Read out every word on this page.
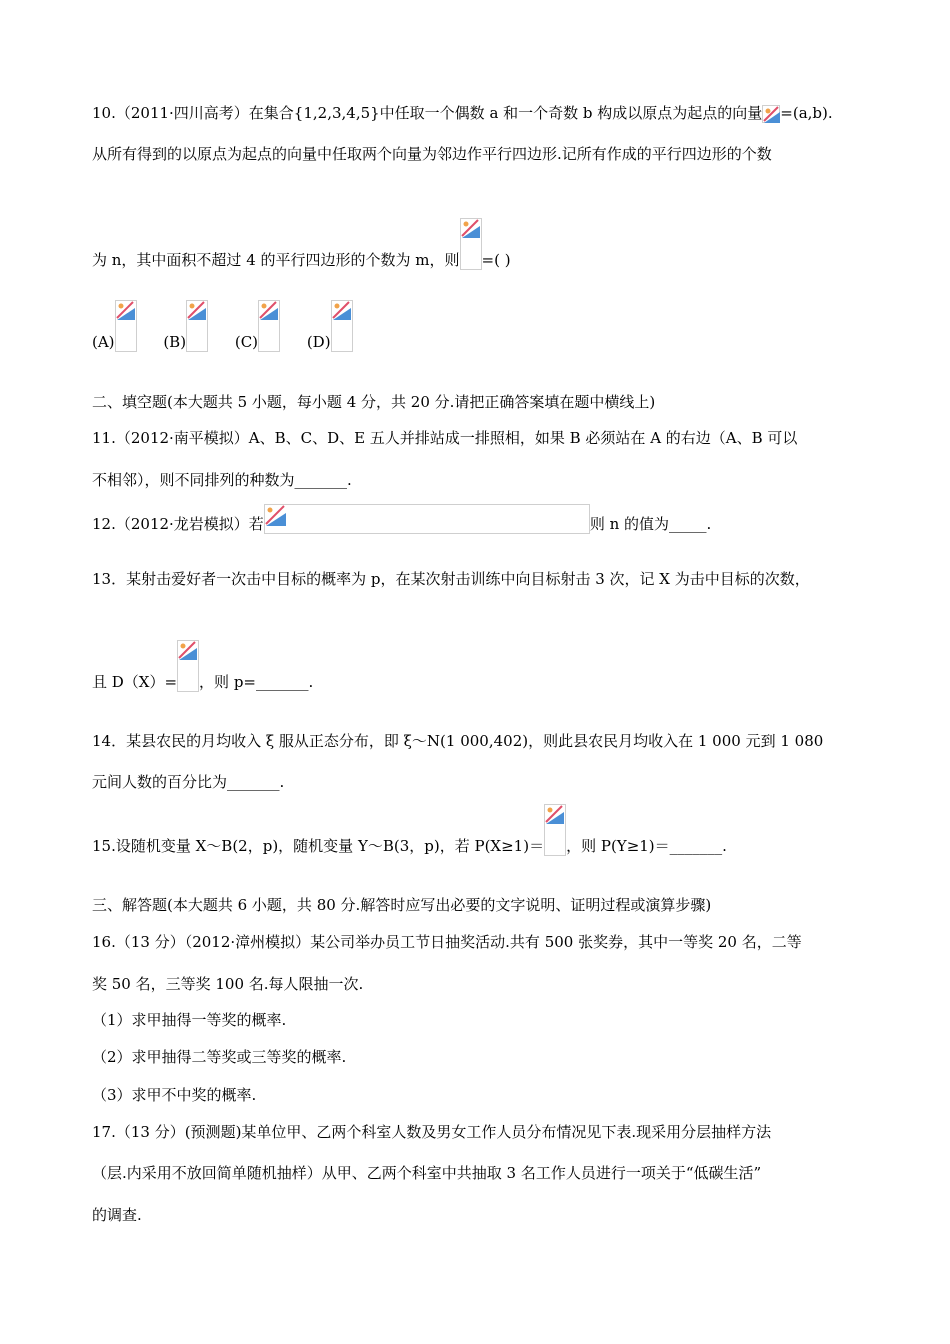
10.（2011·四川高考）在集合{1,2,3,4,5}中任取一个偶数 a 和一个奇数 b 构成以原点为起点的向量 =(a,b).
从所有得到的以原点为起点的向量中任取两个向量为邻边作平行四边形.记所有作成的平行四边形的个数
为 n，其中面积不超过 4 的平行四边形的个数为 m，则 =( )
(A)	(B)	(C)	(D)
二、填空题(本大题共 5 小题，每小题 4 分，共 20 分.请把正确答案填在题中横线上)
11.（2012·南平模拟）A、B、C、D、E 五人并排站成一排照相，如果 B 必须站在 A 的右边（A、B 可以
不相邻），则不同排列的种数为_______.
12.（2012·龙岩模拟）若	则 n 的值为_____.
13．某射击爱好者一次击中目标的概率为 p，在某次射击训练中向目标射击 3 次，记 X 为击中目标的次数，
且 D（X）= ，则 p=_______.
14．某县农民的月均收入 ξ 服从正态分布，即 ξ～N(1 000,402)，则此县农民月均收入在 1 000 元到 1 080
元间人数的百分比为_______.
15.设随机变量 X～B(2，p)，随机变量 Y～B(3，p)，若 P(X≥1)＝ ，则 P(Y≥1)＝_______.
三、解答题(本大题共 6 小题，共 80 分.解答时应写出必要的文字说明、证明过程或演算步骤)
16.（13 分）（2012·漳州模拟）某公司举办员工节日抽奖活动.共有 500 张奖券，其中一等奖 20 名，二等
奖 50 名，三等奖 100 名.每人限抽一次.
（1）求甲抽得一等奖的概率.
（2）求甲抽得二等奖或三等奖的概率.
（3）求甲不中奖的概率.
17.（13 分）(预测题)某单位甲、乙两个科室人数及男女工作人员分布情况见下表.现采用分层抽样方法
（层.内采用不放回简单随机抽样）从甲、乙两个科室中共抽取 3 名工作人员进行一项关于“低碳生活”
的调查.
